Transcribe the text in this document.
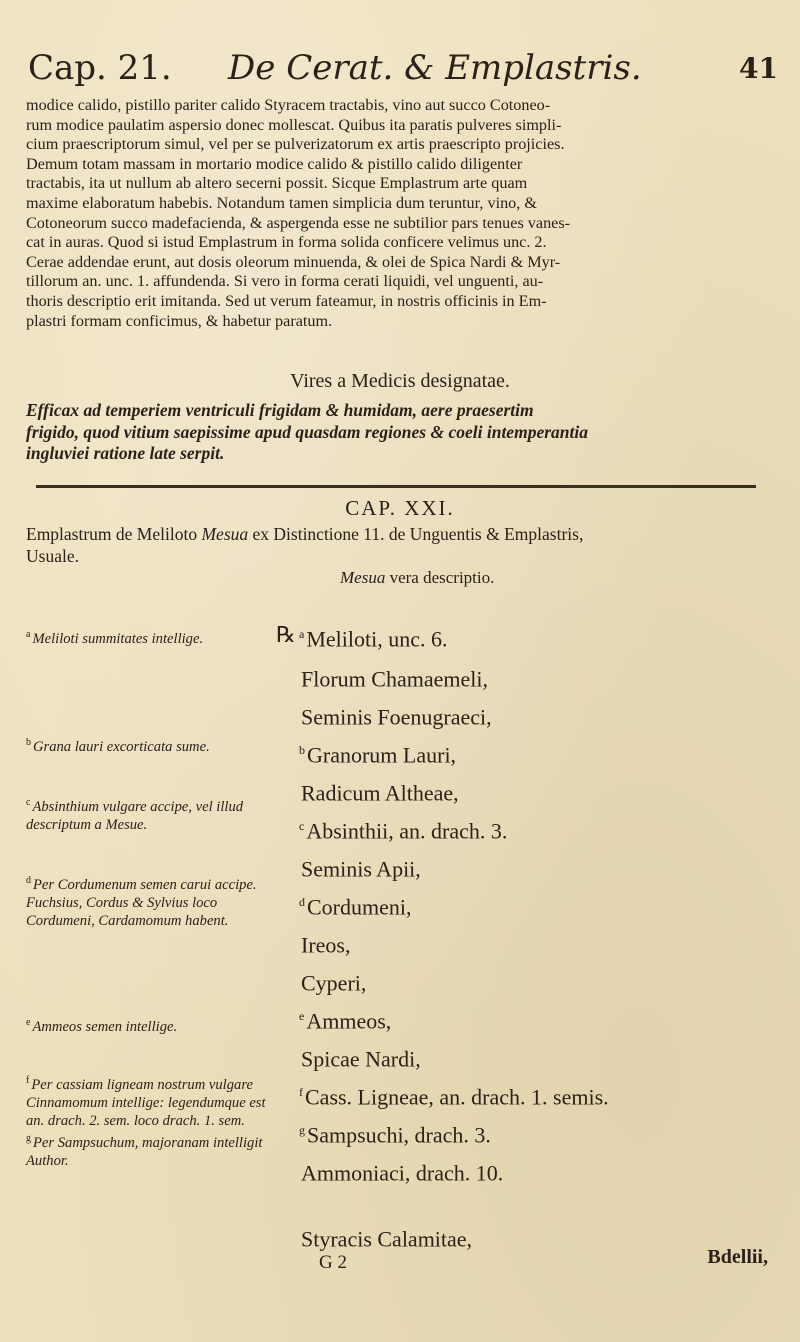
Cap. 21. De Cerat. & Emplastris.	41

modice calido, pistillo pariter calido Styracem tractabis, vino aut succo Cotoneo-

rum modice paulatim aspersio donec mollescat. Quibus ita paratis pulveres simpli-

cium praescriptorum simul, vel per se pulverizatorum ex artis praescripto projicies.

Demum totam massam in mortario modice calido & pistillo calido diligenter

tractabis, ita ut nullum ab altero secerni possit. Sicque Emplastrum arte quam

maxime elaboratum habebis. Notandum tamen simplicia dum teruntur, vino, &

Cotoneorum succo madefacienda, & aspergenda esse ne subtilior pars tenues vanes-

cat in auras. Quod si istud Emplastrum in forma solida conficere velimus unc. 2.

Cerae addendae erunt, aut dosis oleorum minuenda, & olei de Spica Nardi & Myr-

tillorum an. unc. 1. affundenda. Si vero in forma cerati liquidi, vel unguenti, au-

thoris descriptio erit imitanda. Sed ut verum fateamur, in nostris officinis in Em-

plastri formam conficimus, & habetur paratum.

Vires a Medicis designatae.
Efficax ad temperiem ventriculi frigidam & humidam, aere praesertim
frigido, quod vitium saepissime apud quasdam regiones & coeli intemperantia
ingluviei ratione late serpit.
CAP. XXI.
Emplastrum de Meliloto Mesua ex Distinctione 11. de Unguentis & Emplastris,
Usuale.
Mesua vera descriptio.

$^a$ Meliloti summitates intellige.

$^b$ Grana lauri excorticata sume.

$^c$ Absinthium vulgare accipe, vel illud descriptum a Mesue.

$^d$ Per Cordumenum semen carui accipe. Fuchsius, Cordus & Sylvius loco Cordumeni, Cardamomum habent.

$^e$ Ammeos semen intellige.

$^f$ Per cassiam ligneam nostrum vulgare Cinnamomum intellige: legendumque est an. drach. 2. sem. loco drach. 1. sem.

$^g$ Per Sampsuchum, majoranam intelligit Author.

℞ $^a$Meliloti, unc. 6.
Florum Chamaemeli,
Seminis Foenugraeci,
$^b$Granorum Lauri,
Radicum Altheae,
$^c$Absinthii, an. drach. 3.
Seminis Apii,
$^d$Cordumeni,
Ireos,
Cyperi,
$^e$Ammeos,
Spicae Nardi,
$^f$Cass. Ligneae, an. drach. 1. semis.
$^g$Sampsuchi, drach. 3.
Ammoniaci, drach. 10.
Styracis Calamitae,
G 2	Bdellii,
